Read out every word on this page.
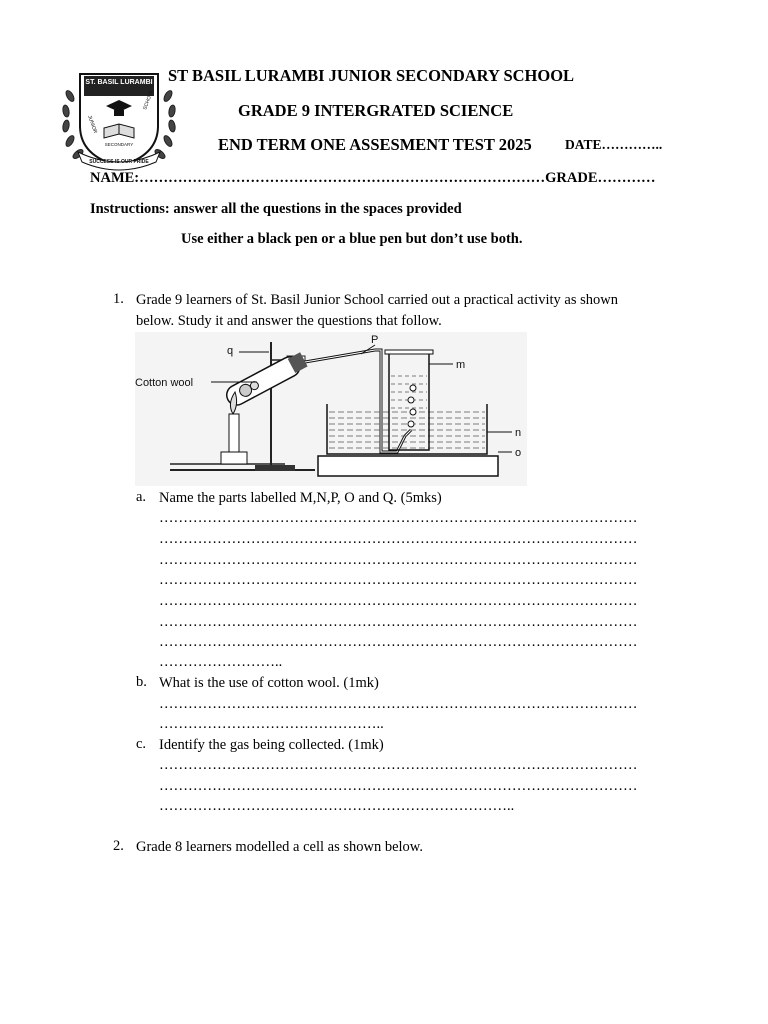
ST. BASIL LURAMBI
SECONDARY
JUNIOR
SCHOOL
SUCCESS IS OUR PRIDE
ST BASIL LURAMBI JUNIOR SECONDARY SCHOOL
GRADE 9 INTERGRATED SCIENCE
END TERM ONE ASSESMENT TEST 2025 DATE…………..
NAME:…………………………………………………………………………GRADE…………
Instructions: answer all the questions in the spaces provided
Use either a black pen or a blue pen but don’t use both.
1. Grade 9 learners of St. Basil Junior School carried out a practical activity as shown below. Study it and answer the questions that follow.
q
P
m
n
o
Cotton wool
a. Name the parts labelled M,N,P, O and Q. (5mks)
………………………………………………………………………………………
………………………………………………………………………………………
………………………………………………………………………………………
………………………………………………………………………………………
………………………………………………………………………………………
………………………………………………………………………………………
………………………………………………………………………………………
……………………..
b. What is the use of cotton wool. (1mk)
………………………………………………………………………………………
………………………………………..
c. Identify the gas being collected. (1mk)
………………………………………………………………………………………
………………………………………………………………………………………
………………………………………………………………..
2. Grade 8 learners modelled a cell as shown below.
